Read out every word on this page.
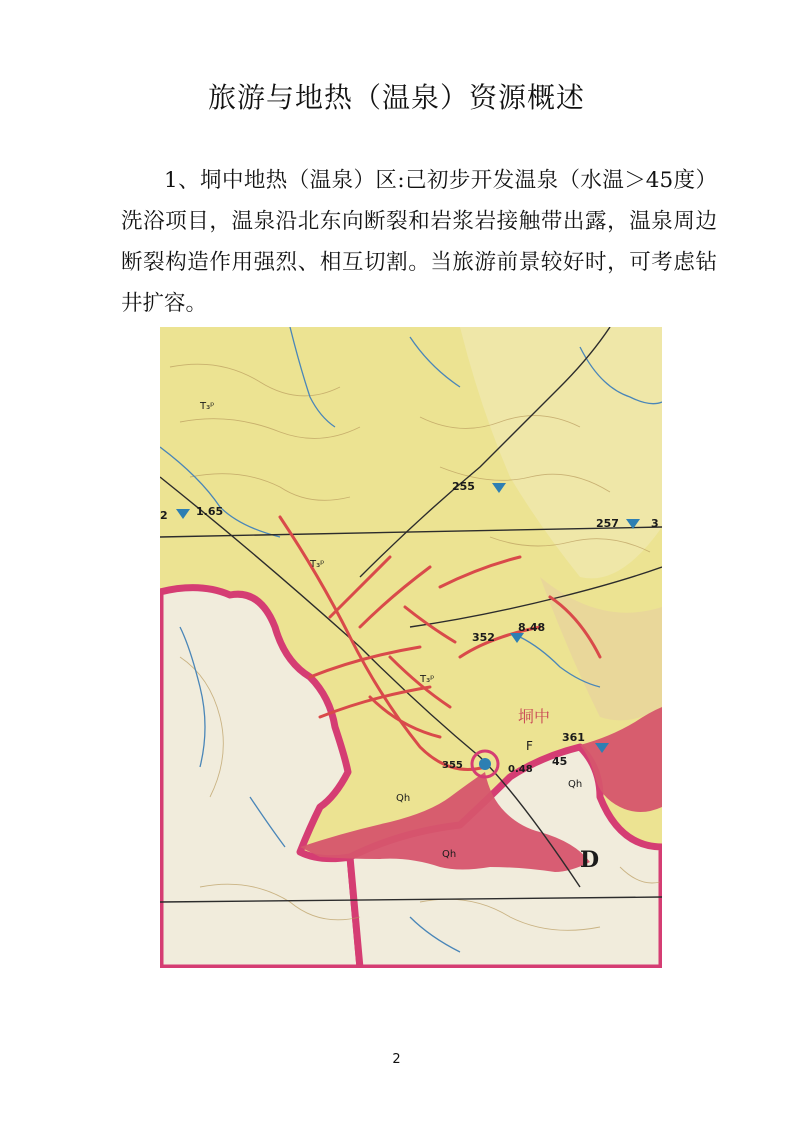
旅游与地热（温泉）资源概述
1、垌中地热（温泉）区:己初步开发温泉（水温＞45度）洗浴项目，温泉沿北东向断裂和岩浆岩接触带出露，温泉周边断裂构造作用强烈、相互切割。当旅游前景较好时，可考虑钻井扩容。
255
257	3
2	1.65
352
8.48
361
0.48
45
355
F
D
垌中
Qh
Qh
Qh
T₃ᵖ
T₃ᵖ
T₃ᵖ
2
